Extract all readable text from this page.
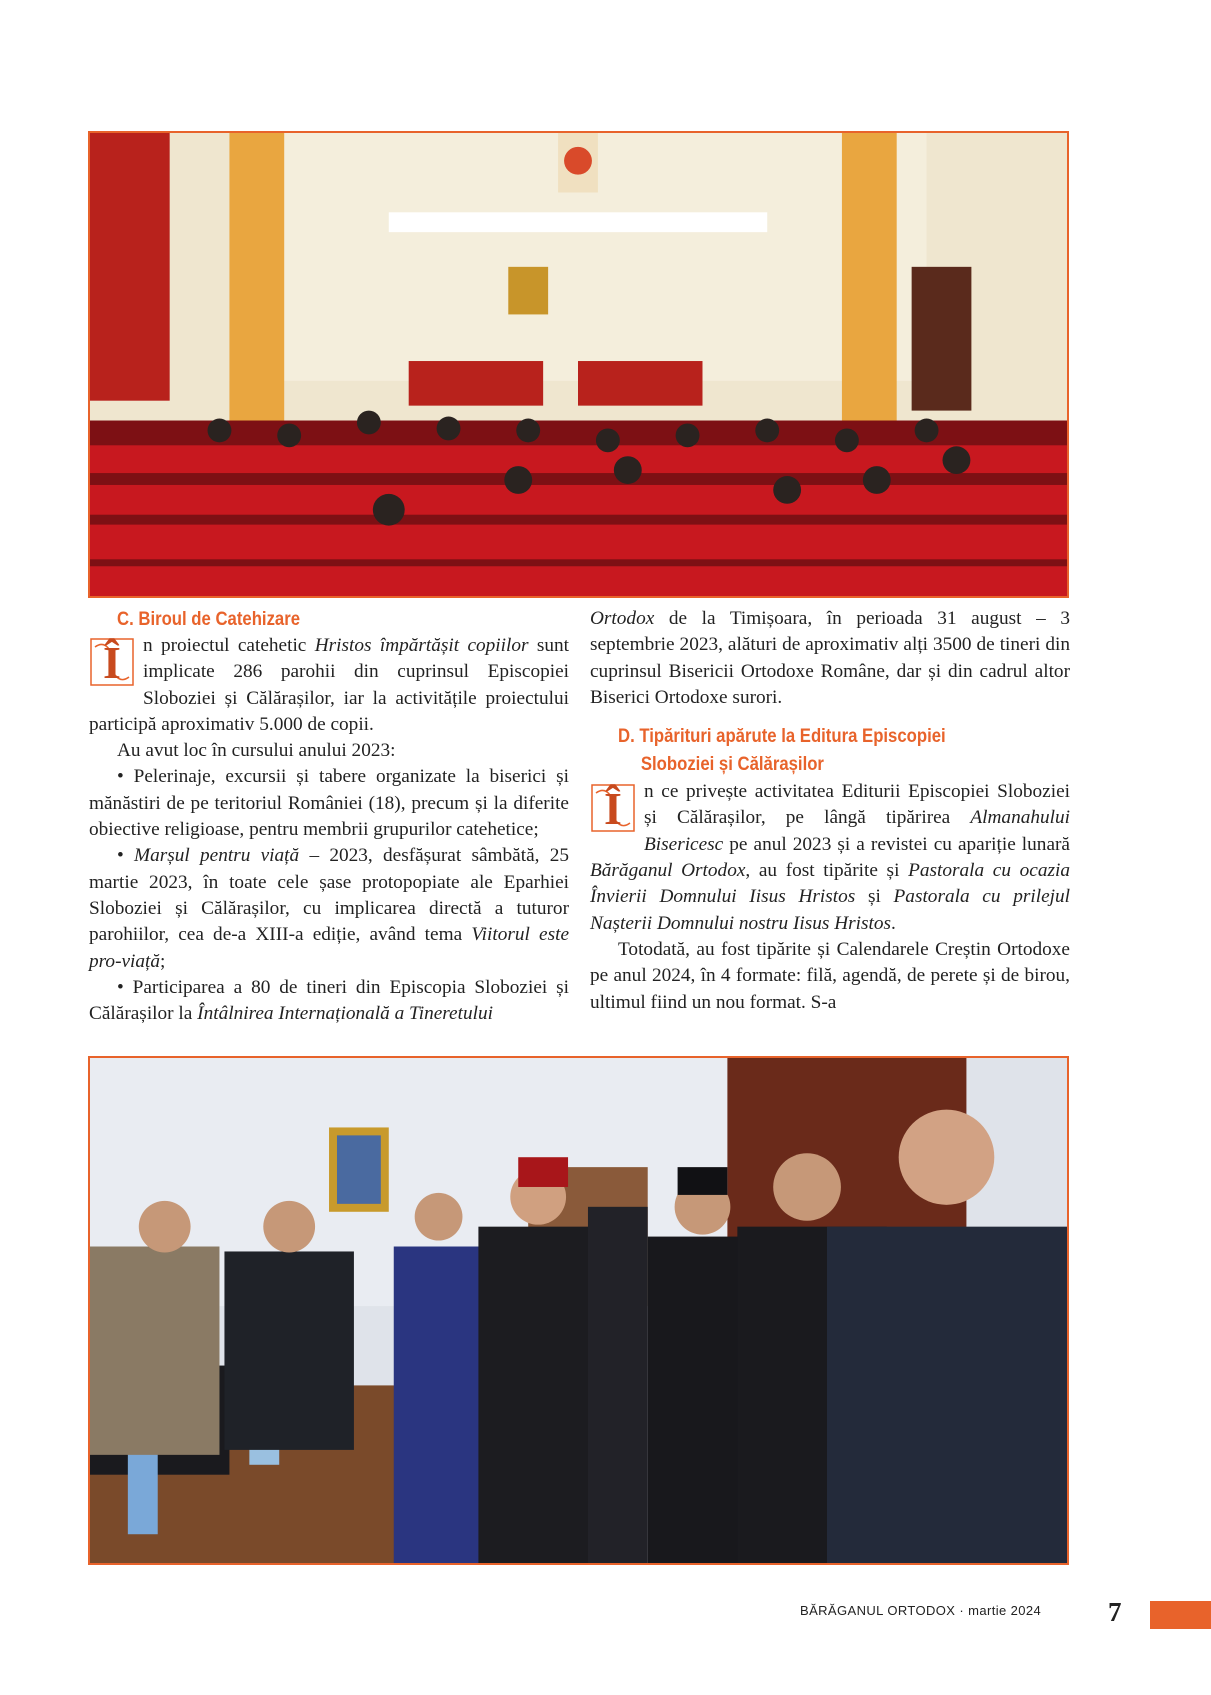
C. Biroul de Catehizare

Î	n proiectul catehetic Hristos împărtășit copiilor sunt implicate 286 parohii din cuprinsul Episcopiei Sloboziei și Călărașilor, iar la activitățile proiectului participă aproximativ 5.000 de copii.

Au avut loc în cursului anului 2023:

• Pelerinaje, excursii și tabere organizate la biserici și mănăstiri de pe teritoriul României (18), precum și la diferite obiective religioase, pentru membrii grupurilor catehetice;

• Marșul pentru viață – 2023, desfășurat sâmbătă, 25 martie 2023, în toate cele șase protopopiate ale Eparhiei Sloboziei și Călărașilor, cu implicarea directă a tuturor parohiilor, cea de-a XIII-a ediție, având tema Viitorul este pro-viață;

• Participarea a 80 de tineri din Episcopia Sloboziei și Călărașilor la Întâlnirea Internațională a Tineretului

Ortodox de la Timișoara, în perioada 31 august – 3 septembrie 2023, alături de aproximativ alți 3500 de tineri din cuprinsul Bisericii Ortodoxe Române, dar și din cadrul altor Biserici Ortodoxe surori.

D. Tipărituri apărute la Editura Episcopiei
Sloboziei și Călărașilor

Î	n ce privește activitatea Editurii Episcopiei Sloboziei și Călărașilor, pe lângă tipărirea Almanahului Bisericesc pe anul 2023 și a revistei cu apariție lunară Bărăganul Ortodox, au fost tipărite și Pastorala cu ocazia Învierii Domnului Iisus Hristos și Pastorala cu prilejul Nașterii Domnului nostru Iisus Hristos.

Totodată, au fost tipărite și Calendarele Creștin Ortodoxe pe anul 2024, în 4 formate: filă, agendă, de perete și de birou, ultimul fiind un nou format. S-a

BĂRĂGANUL ORTODOX · martie 2024 7
